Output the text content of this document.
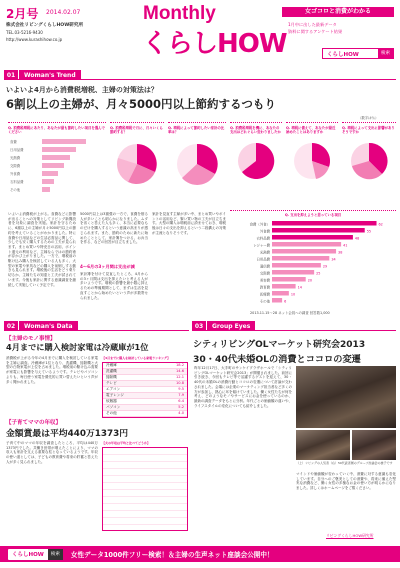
2月号 2014.02.07
株式会社リビングくらしHOW研究所
TEL.03-5216-9430
http://www.kurashihow.co.jp
Monthly
くらしHOW
女ゴコロと消費がわかる
1月中に出した最新データ
資料に関するアンケート結果
くらしHOW	検索
01	Woman's Trend
いよいよ4月から消費税増税、主婦の対策法は？
6割以上の主婦が、月々5000円以上節約するつもり
（数字は％）
Q. 消費税増税にあたり、あなたが最も節約したい項目を選んでください
食費
日用品費
光熱費
交際費
外食費
衣料品費
その他
Q. 消費税増税で月に、月々いくら節約する？
Q. 増税によって節約したい家計の比率は？
Q. 消費税増税を機に、あなたの支出はどれぐらい変わりましたか
Q. 増税に備えて、あなたが最近始めたことはありますか
Q. 増税によって支出に影響がありそうですか
Q. 支出を抑えようと思っている項目
食費（外食）	62
外食費	55
衣料品費	48
レジャー費	41
光熱費	38
日用品費	34
通信費	29
交際費	25
美容費	20
教育費	14
医療費	10
その他	6
いよいよ消費税が上がる。食費などに影響が出ることへの対策としてリビング新聞読者を対象に調査を実施。家計を守るために、6割以上の主婦が月々5000円以上の節約を考えていることがわかりました。特に食費や日用品などの生活必需品に関して、少しでも安く購入するための工夫が見られます。まとめ買いや特売日の活用、ポイント還元の利用など、主婦ならではの節約術が浮かび上がりました。一方で、増税前の駆け込み購入を検討している人も多く、大型の家電や家具などの購入を前倒しする動きも見られます。増税後の生活をどう乗り切るか、主婦たちの知恵と工夫が試されています。今後も家計に関する意識調査を継続して実施していく予定です。
5000円以上は3割強の一方で、食費を削る人が多いことも明らかになりました。ムダを省くと答えた人も多く、本当に必要なものだけを購入するという意識の高まりが感じられます。また、節約のために新たに始めたこととして、家計簿をつける、お弁当を作る、などの回答が目立ちました。
4～6月の3ヶ月間は支出が減
家計簿を付けて見直したところ、4月からの3ヶ月間は支出を抑えたいと考える人が多いようです。増税の影響を最小限に抑えるための準備期間として、まずは生活を見直すことから始めたいという声が多数寄せられました。
家計を見直す主婦が多い中、まとめ買いやポイントの活用など、賢い買い物の工夫が目立ちます。大型の購入は増税前に済ませておき、増税後は日々の支出を抑えるという二段構えの対策が主流となりそうです。
2013.11.15～28 ネット会員への調査 回答数1,000
02	Woman's Data
【主婦のモノ事情】
4月までに購入検討家電は冷蔵庫が1位
消費税が上がる今年の4月までに購入を検討している家電を主婦に調査。冷蔵庫が1位となり、洗濯機、掃除機と大型の白物家電が上位を占めました。増税前の駆け込み需要が家電にも影響を与えているようです。テレビやパソコンよりも、毎日使う家電を優先的に買い替えたいという声が多く聞かれました。
【4月までに購入を検討している家電ランキング】
冷蔵庫	18.2
洗濯機	14.6
掃除機	12.1
テレビ	10.8
エアコン	9.5
電子レンジ	7.9
炊飯器	6.4
パソコン	5.2
その他	4.0
【子育てママの年収】
金額賞最は平均440万1373円
子育て中のママの年収を調査したところ、平均は440万1373円でした。共働き世帯が増えたことにより、ママの収入も家計を支える重要な柱となっているようです。年収の使い道としては、子どもの教育費や将来の貯蓄と答えた人が多く見られました。
【夫の年収は平均と比べてどうか】
03	Group Eyes
シティリビングOLマーケット研究会2013
30・40代未婚OLの消費とココロの変遷
昨年12月17日、大手町のサンケイプラザホールで「シティリビングOLマーケット研究会2013」が開催されました。前回に引き続き、今回もテレビ等で活躍するゲストを迎えて、30・40代の未婚OLの消費行動とココロの変遷について討論が交わされました。会場には企業のマーケティング担当者など多くの方が参加し、熱心に耳を傾けていました。働く女性たちが何を考え、どのようなモノやサービスにお金を使っているのか、最新の調査データをもとに分析。年代ごとの価値観の違いや、ライフスタイルの変化についても紹介しました。
（上）リビングの人気者（右）50代読者層のグループ討論会の様子です
マインドや価値観が変わっていく中、消費に対する意識も変化しています。自分へのご褒美としての消費や、将来に備えた堅実な消費など、働く女性の多様なお金の使い方が明らかになりました。詳しくはホームページをご覧ください。
リビングくらしHOW研究所
くらしHOW	検索	女性データ1000件フリー検索！＆主婦の生声ネット座談会公開中！
